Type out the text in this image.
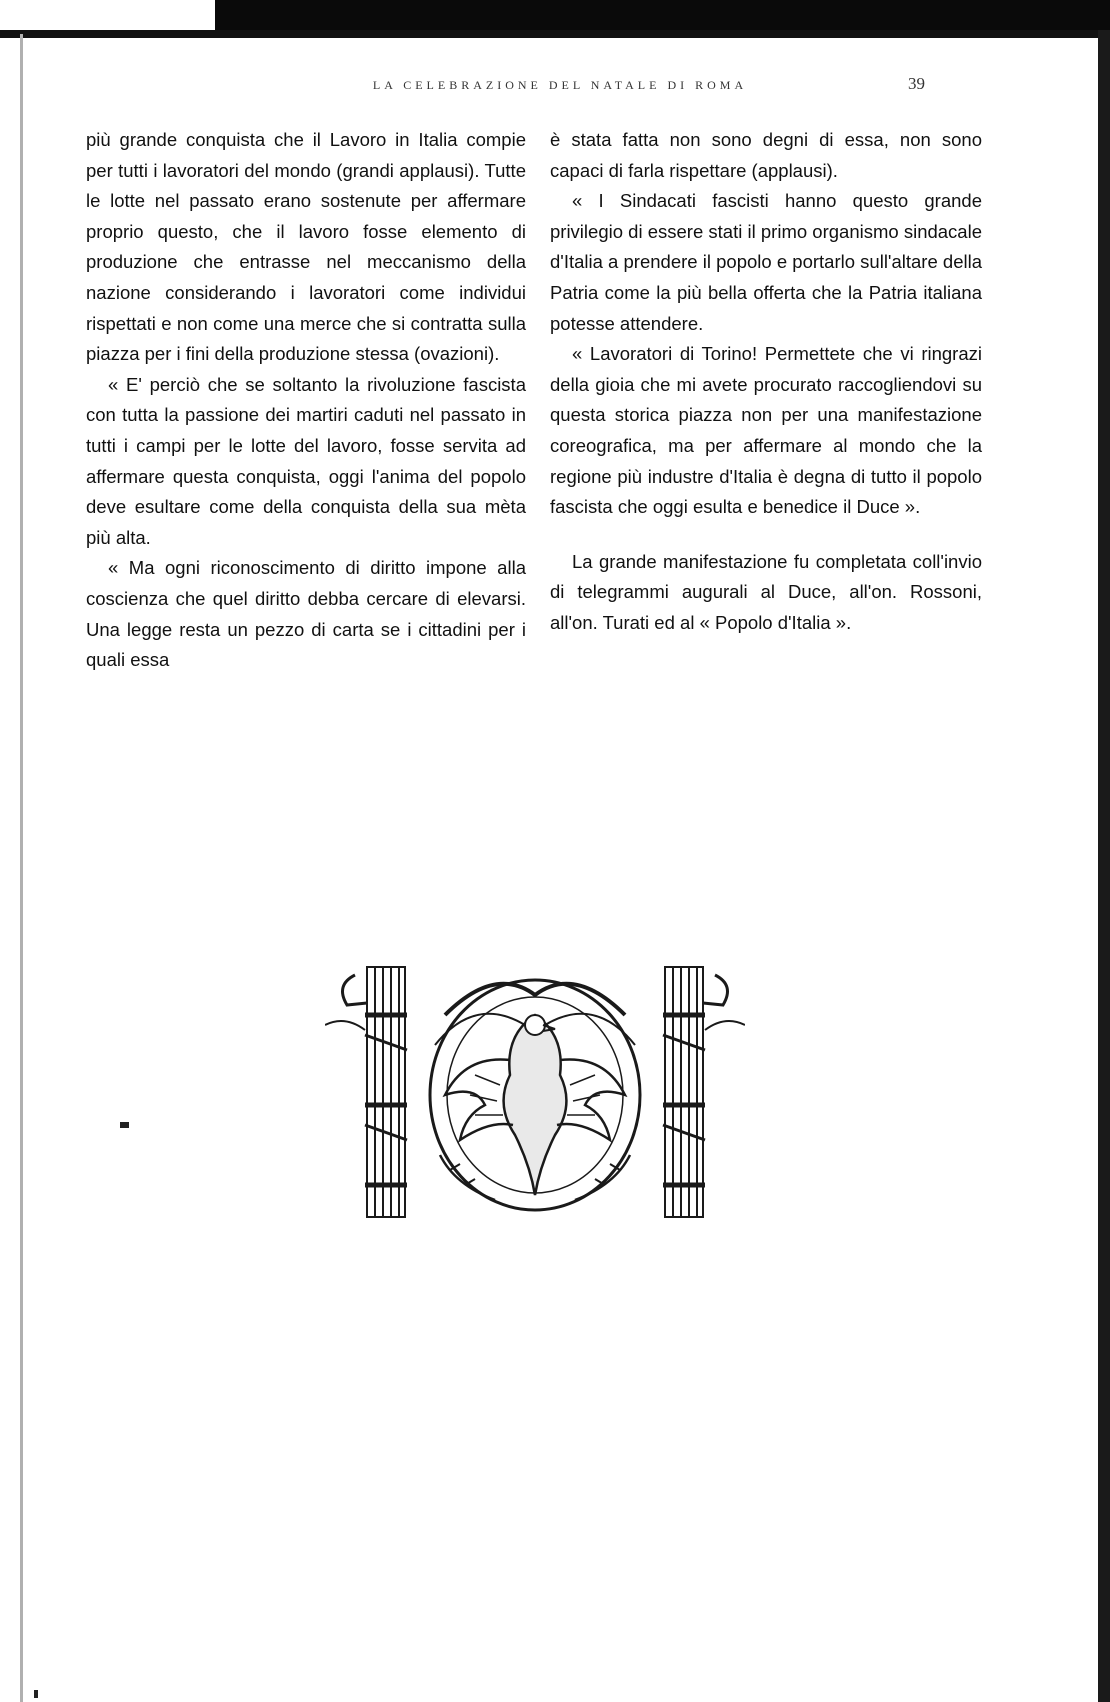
LA CELEBRAZIONE DEL NATALE DI ROMA	39

più grande conquista che il Lavoro in Italia compie per tutti i lavoratori del mondo (grandi applausi). Tutte le lotte nel passato erano sostenute per affermare proprio questo, che il lavoro fosse elemento di produzione che entrasse nel meccanismo della nazione considerando i lavoratori come individui rispettati e non come una merce che si contratta sulla piazza per i fini della produzione stessa (ovazioni).

« E' perciò che se soltanto la rivoluzione fascista con tutta la passione dei martiri caduti nel passato in tutti i campi per le lotte del lavoro, fosse servita ad affermare questa conquista, oggi l'anima del popolo deve esultare come della conquista della sua mèta più alta.

« Ma ogni riconoscimento di diritto impone alla coscienza che quel diritto debba cercare di elevarsi. Una legge resta un pezzo di carta se i cittadini per i quali essa

è stata fatta non sono degni di essa, non sono capaci di farla rispettare (applausi).

« I Sindacati fascisti hanno questo grande privilegio di essere stati il primo organismo sindacale d'Italia a prendere il popolo e portarlo sull'altare della Patria come la più bella offerta che la Patria italiana potesse attendere.

« Lavoratori di Torino! Permettete che vi ringrazi della gioia che mi avete procurato raccogliendovi su questa storica piazza non per una manifestazione coreografica, ma per affermare al mondo che la regione più industre d'Italia è degna di tutto il popolo fascista che oggi esulta e benedice il Duce ».

La grande manifestazione fu completata coll'invio di telegrammi augurali al Duce, all'on. Rossoni, all'on. Turati ed al « Popolo d'Italia ».
